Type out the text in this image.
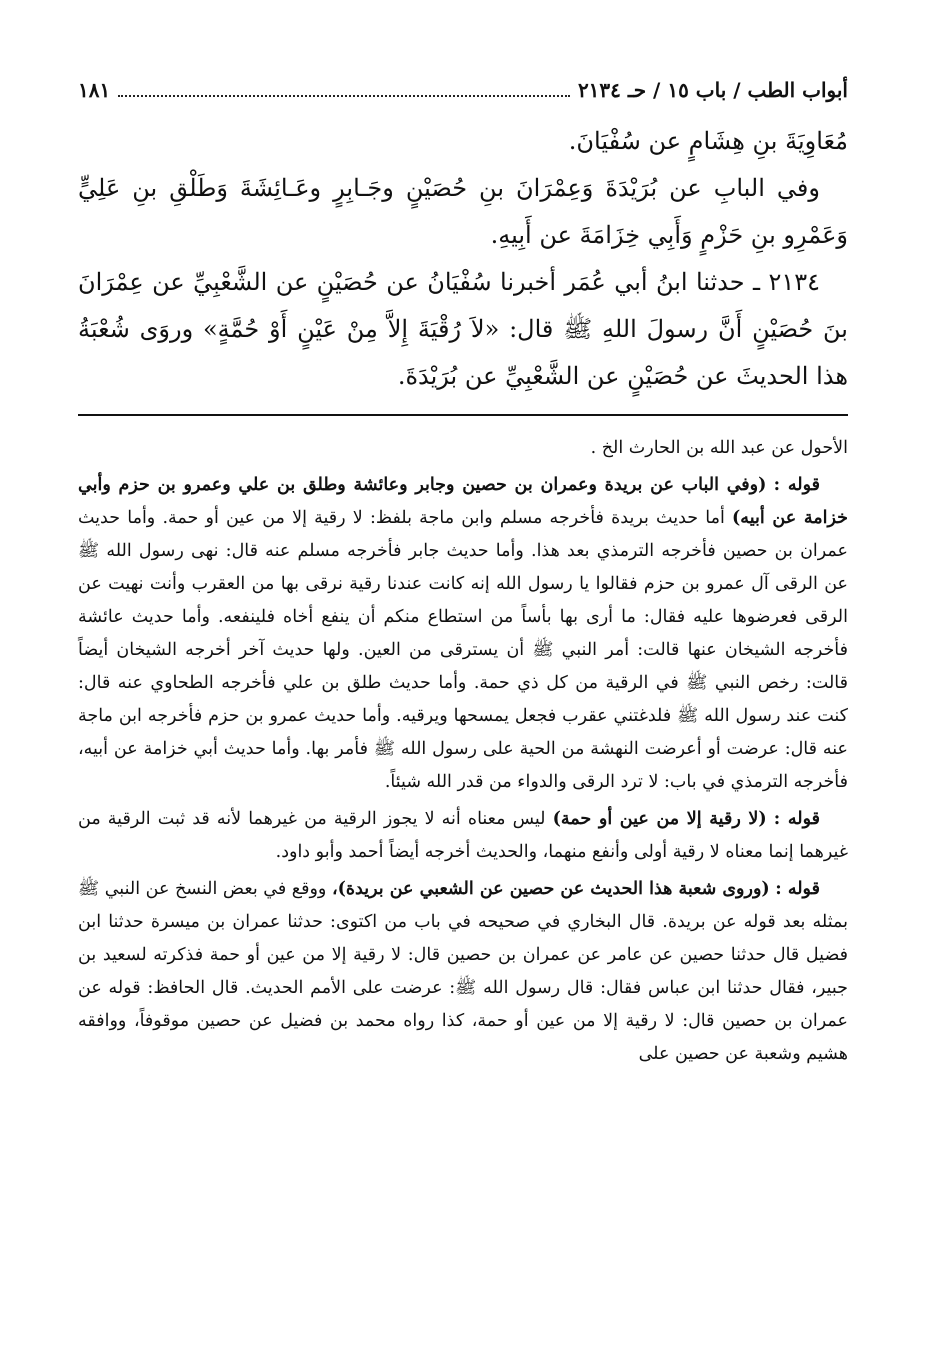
أبواب الطب / باب ١٥ / حـ ٢١٣٤
١٨١

مُعَاوِيَةَ بنِ هِشَامٍ عن سُفْيَانَ.

وفي البابِ عن بُرَيْدَةَ وَعِمْرَانَ بنِ حُصَيْنٍ وجَـابِرٍ وعَـائِشَةَ وَطَلْقِ بنِ عَلِيٍّ وَعَمْرِو بنِ حَزْمٍ وَأَبِي خِزَامَةَ عن أَبِيهِ.

٢١٣٤ ـ حدثنا ابنُ أبي عُمَر أخبرنا سُفْيَانُ عن حُصَيْنٍ عن الشَّعْبِيِّ عن عِمْرَانَ بنَ حُصَيْنٍ أَنَّ رسولَ اللهِ ﷺ قال: «لاَ رُقْيَةَ إِلاَّ مِنْ عَيْنٍ أَوْ حُمَّةٍ» وروَى شُعْبَةُ هذا الحديثَ عن حُصَيْنٍ عن الشَّعْبِيِّ عن بُرَيْدَةَ.

الأحول عن عبد الله بن الحارث الخ .

قوله : (وفي الباب عن بريدة وعمران بن حصين وجابر وعائشة وطلق بن علي وعمرو بن حزم وأبي خزامة عن أبيه) أما حديث بريدة فأخرجه مسلم وابن ماجة بلفظ: لا رقية إلا من عين أو حمة. وأما حديث عمران بن حصين فأخرجه الترمذي بعد هذا. وأما حديث جابر فأخرجه مسلم عنه قال: نهى رسول الله ﷺ عن الرقى آل عمرو بن حزم فقالوا يا رسول الله إنه كانت عندنا رقية نرقى بها من العقرب وأنت نهيت عن الرقى فعرضوها عليه فقال: ما أرى بها بأساً من استطاع منكم أن ينفع أخاه فلينفعه. وأما حديث عائشة فأخرجه الشيخان عنها قالت: أمر النبي ﷺ أن يسترقى من العين. ولها حديث آخر أخرجه الشيخان أيضاً قالت: رخص النبي ﷺ في الرقية من كل ذي حمة. وأما حديث طلق بن علي فأخرجه الطحاوي عنه قال: كنت عند رسول الله ﷺ فلدغتني عقرب فجعل يمسحها ويرقيه. وأما حديث عمرو بن حزم فأخرجه ابن ماجة عنه قال: عرضت أو أعرضت النهشة من الحية على رسول الله ﷺ فأمر بها. وأما حديث أبي خزامة عن أبيه، فأخرجه الترمذي في باب: لا ترد الرقى والدواء من قدر الله شيئاً.

قوله : (لا رقية إلا من عين أو حمة) ليس معناه أنه لا يجوز الرقية من غيرهما لأنه قد ثبت الرقية من غيرهما إنما معناه لا رقية أولى وأنفع منهما، والحديث أخرجه أيضاً أحمد وأبو داود.

قوله : (وروى شعبة هذا الحديث عن حصين عن الشعبي عن بريدة)، ووقع في بعض النسخ عن النبي ﷺ بمثله بعد قوله عن بريدة. قال البخاري في صحيحه في باب من اكتوى: حدثنا عمران بن ميسرة حدثنا ابن فضيل قال حدثنا حصين عن عامر عن عمران بن حصين قال: لا رقية إلا من عين أو حمة فذكرته لسعيد بن جبير، فقال حدثنا ابن عباس فقال: قال رسول الله ﷺ: عرضت على الأمم الحديث. قال الحافظ: قوله عن عمران بن حصين قال: لا رقية إلا من عين أو حمة، كذا رواه محمد بن فضيل عن حصين موقوفاً، ووافقه هشيم وشعبة عن حصين على
